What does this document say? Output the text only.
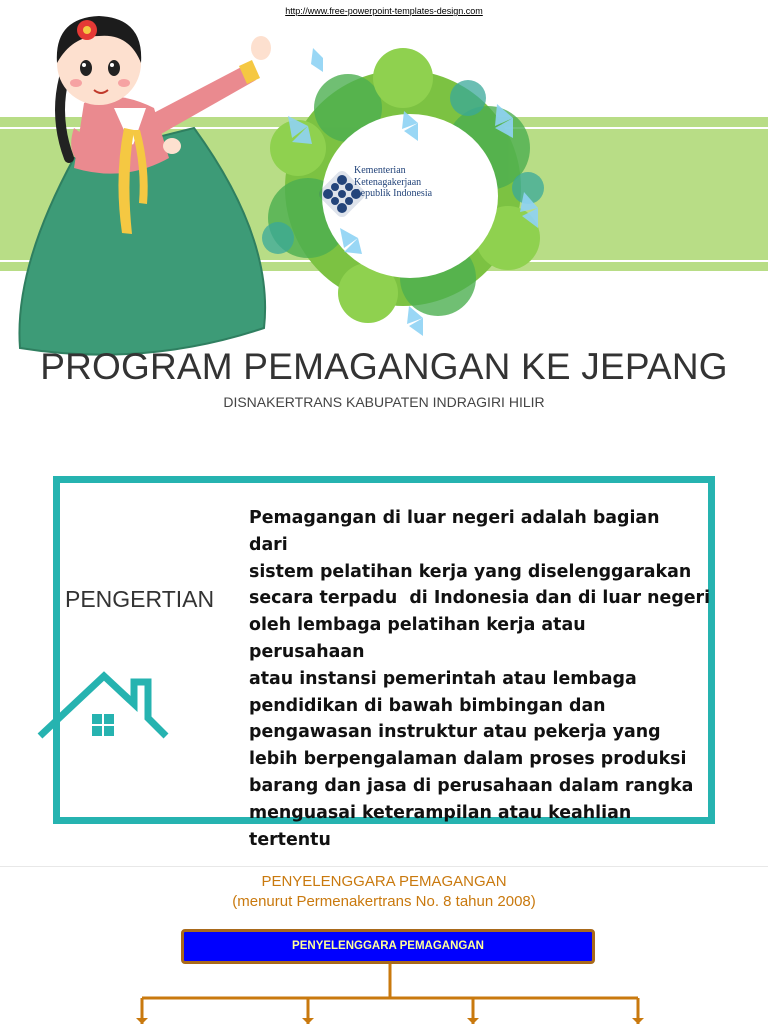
http://www.free-powerpoint-templates-design.com
Kementerian
Ketenagakerjaan
Republik Indonesia
PROGRAM PEMAGANGAN KE JEPANG
DISNAKERTRANS KABUPATEN INDRAGIRI HILIR
PENGERTIAN
Pemagangan di luar negeri adalah bagian dari
sistem pelatihan kerja yang diselenggarakan
secara terpadu  di Indonesia dan di luar negeri
oleh lembaga pelatihan kerja atau perusahaan
atau instansi pemerintah atau lembaga
pendidikan di bawah bimbingan dan
pengawasan instruktur atau pekerja yang
lebih berpengalaman dalam proses produksi
barang dan jasa di perusahaan dalam rangka
menguasai keterampilan atau keahlian
tertentu
PENYELENGGARA PEMAGANGAN
(menurut Permenakertrans No. 8 tahun 2008)
PENYELENGGARA PEMAGANGAN
